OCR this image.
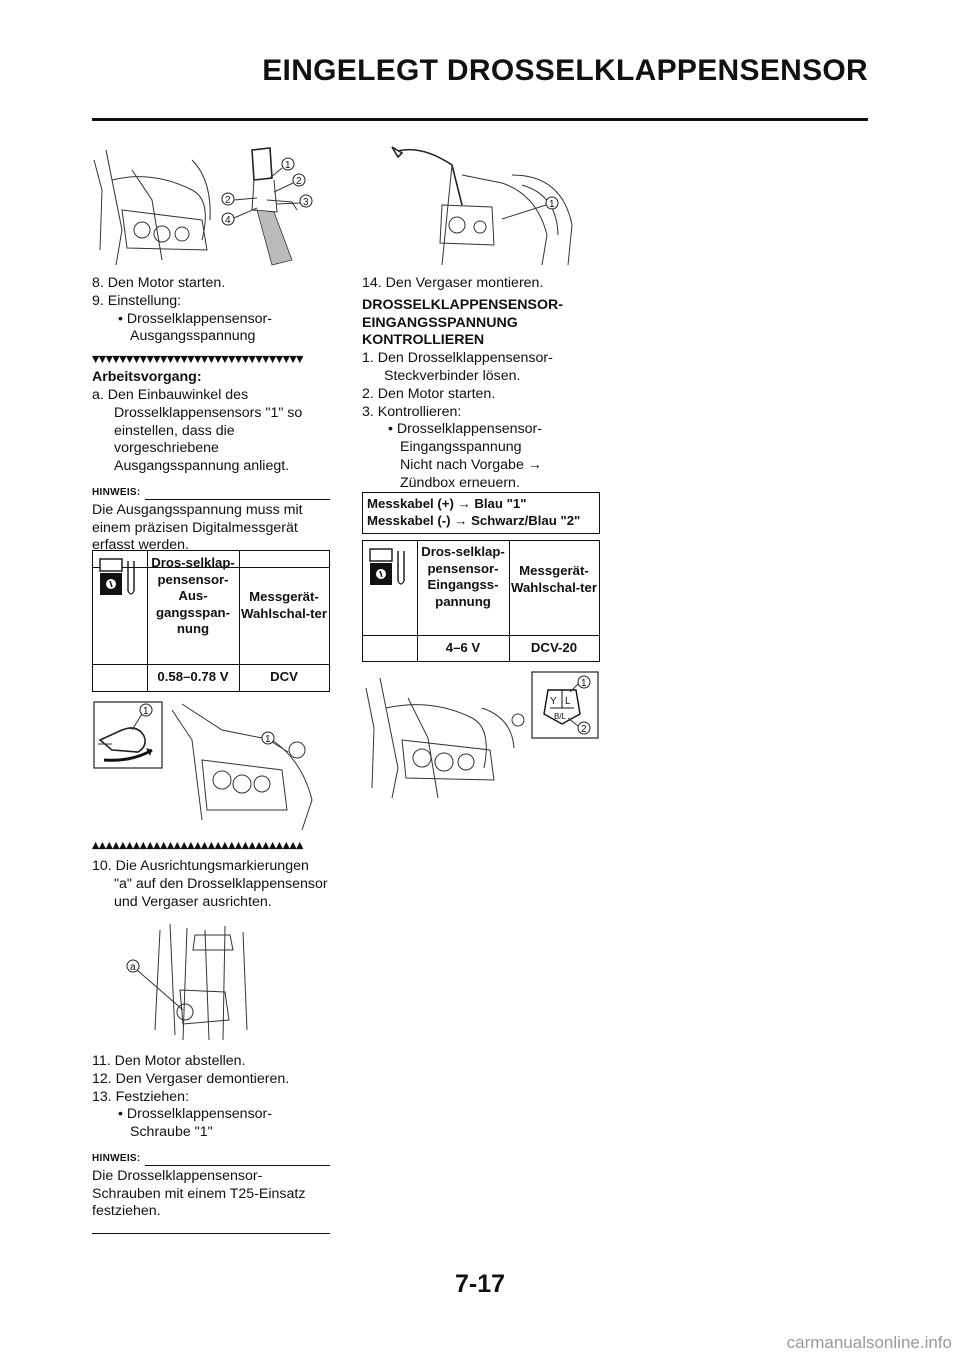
EINGELEGT DROSSELKLAPPENSENSOR
1
2
3
2
4

8. Den Motor starten.

9. Einstellung:

• Drosselklappensensor- Ausgangsspannung

▼▼▼▼▼▼▼▼▼▼▼▼▼▼▼▼▼▼▼▼▼▼▼▼▼▼▼▼▼▼▼

Arbeitsvorgang:

a. Den Einbauwinkel des Drosselklappensensors "1" so einstellen, dass die vorgeschriebene Ausgangsspannung anliegt.

HINWEIS:

Die Ausgangsspannung muss mit einem präzisen Digitalmessgerät erfasst werden.

Dros-selklap-pensensor-Aus-gangsspan-nung
Messgerät-Wahlschal-ter
0.58–0.78 V	DCV
1
1
▲▲▲▲▲▲▲▲▲▲▲▲▲▲▲▲▲▲▲▲▲▲▲▲▲▲▲▲▲▲▲

10. Die Ausrichtungsmarkierungen "a" auf den Drosselklappensensor und Vergaser ausrichten.

a

11. Den Motor abstellen.

12. Den Vergaser demontieren.

13. Festziehen:

• Drosselklappensensor-Schraube "1"

HINWEIS:

Die Drosselklappensensor-Schrauben mit einem T25-Einsatz festziehen.

1

14. Den Vergaser montieren.

DROSSELKLAPPENSENSOR-EINGANGSSPANNUNG KONTROLLIEREN

1. Den Drosselklappensensor-Steckverbinder lösen.

2. Den Motor starten.

3. Kontrollieren:

• Drosselklappensensor-Eingangsspannung

Nicht nach Vorgabe → Zündbox erneuern.

Messkabel (+) → Blau "1"
Messkabel (-) → Schwarz/Blau "2"
Dros-selklap-pensensor-Eingangss-pannung
Messgerät-Wahlschal-ter
4–6 V	DCV-20
Y L
B/L
1
2
7-17
carmanualsonline.info
